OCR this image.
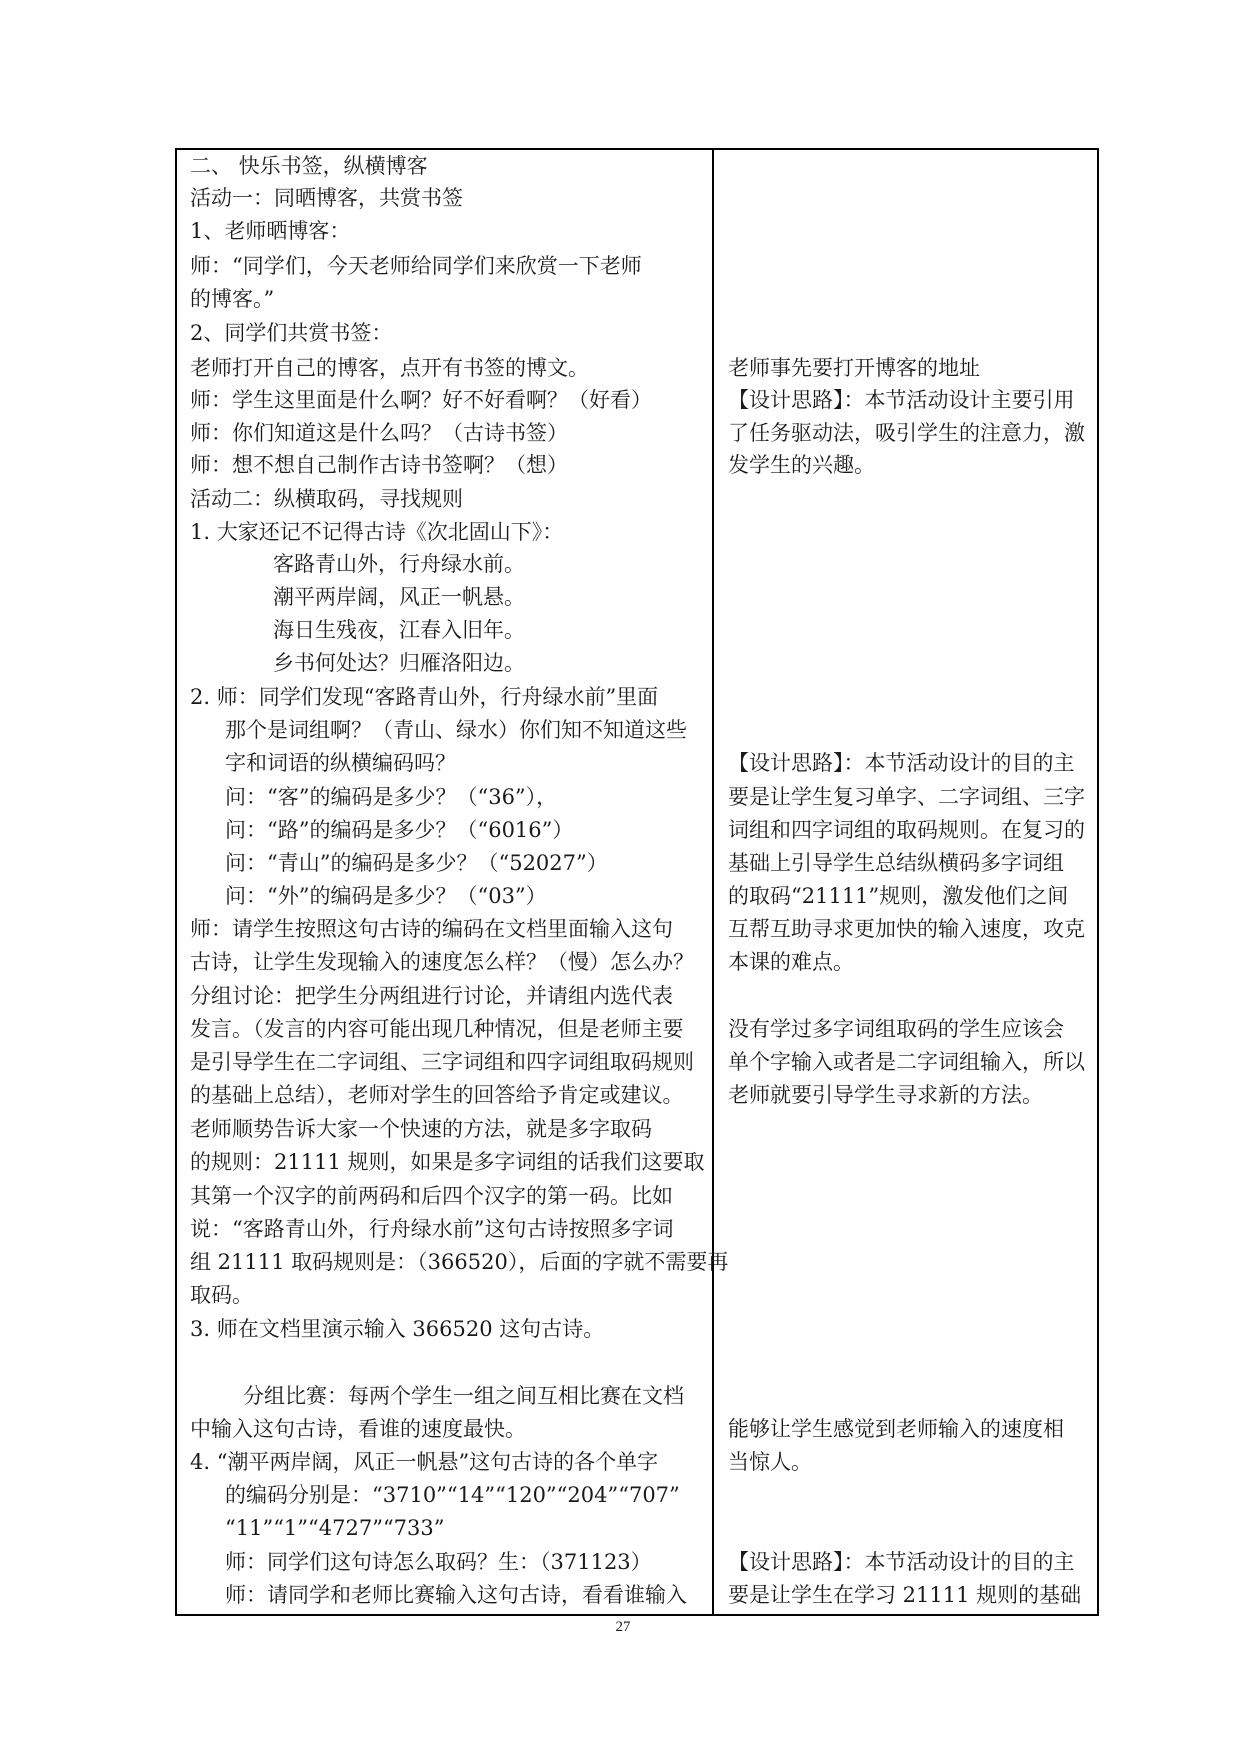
二、 快乐书签，纵横博客
活动一：同晒博客，共赏书签
1、老师晒博客：
师：“同学们，今天老师给同学们来欣赏一下老师
的博客。”
2、同学们共赏书签：
老师打开自己的博客，点开有书签的博文。
师：学生这里面是什么啊？好不好看啊？（好看）
师：你们知道这是什么吗？（古诗书签）
师：想不想自己制作古诗书签啊？（想）
活动二：纵横取码，寻找规则
1. 大家还记不记得古诗《次北固山下》：
客路青山外，行舟绿水前。
潮平两岸阔，风正一帆悬。
海日生残夜，江春入旧年。
乡书何处达？归雁洛阳边。
2. 师：同学们发现“客路青山外，行舟绿水前”里面
那个是词组啊？（青山、绿水）你们知不知道这些
字和词语的纵横编码吗？
问：“客”的编码是多少？（“36”），
问：“路”的编码是多少？（“6016”）
问：“青山”的编码是多少？（“52027”）
问：“外”的编码是多少？（“03”）
师：请学生按照这句古诗的编码在文档里面输入这句
古诗，让学生发现输入的速度怎么样？（慢）怎么办？
分组讨论：把学生分两组进行讨论，并请组内选代表
发言。（发言的内容可能出现几种情况，但是老师主要
是引导学生在二字词组、三字词组和四字词组取码规则
的基础上总结），老师对学生的回答给予肯定或建议。
老师顺势告诉大家一个快速的方法，就是多字取码
的规则：21111 规则，如果是多字词组的话我们这要取
其第一个汉字的前两码和后四个汉字的第一码。比如
说：“客路青山外，行舟绿水前”这句古诗按照多字词
组 21111 取码规则是：（366520），后面的字就不需要再
取码。
3. 师在文档里演示输入 366520 这句古诗。
分组比赛：每两个学生一组之间互相比赛在文档
中输入这句古诗，看谁的速度最快。
4. “潮平两岸阔，风正一帆悬”这句古诗的各个单字
的编码分别是：“3710”“14”“120”“204”“707”
“11”“1”“4727”“733”
师：同学们这句诗怎么取码？生：（371123）
师：请同学和老师比赛输入这句古诗，看看谁输入
老师事先要打开博客的地址
【设计思路】：本节活动设计主要引用
了任务驱动法，吸引学生的注意力，激
发学生的兴趣。
【设计思路】：本节活动设计的目的主
要是让学生复习单字、二字词组、三字
词组和四字词组的取码规则。在复习的
基础上引导学生总结纵横码多字词组
的取码“21111”规则，激发他们之间
互帮互助寻求更加快的输入速度，攻克
本课的难点。
没有学过多字词组取码的学生应该会
单个字输入或者是二字词组输入，所以
老师就要引导学生寻求新的方法。
能够让学生感觉到老师输入的速度相
当惊人。
【设计思路】：本节活动设计的目的主
要是让学生在学习 21111 规则的基础
27
